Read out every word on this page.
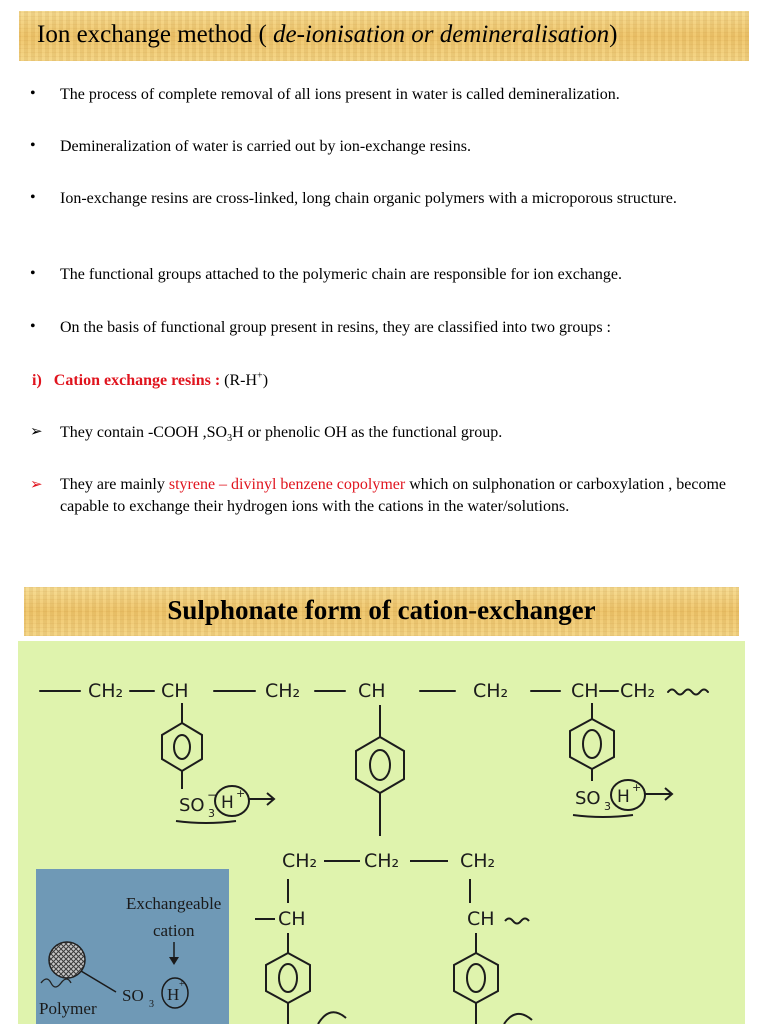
Ion exchange method ( de-ionisation or demineralisation)
• The process of complete removal of all ions present in water is called demineralization.
• Demineralization of water is carried out by ion-exchange resins.
• Ion-exchange resins are cross-linked, long chain organic polymers with a microporous structure.
• The functional groups attached to the polymeric chain are responsible for ion exchange.
• On the basis of functional group present in resins, they are classified into two groups :
i) Cation exchange resins : (R-H+)
➢ They contain -COOH $,SO_3H$ or phenolic OH as the functional group.
➢ They are mainly styrene – divinyl benzene copolymer which on sulphonation or carboxylation , become capable to exchange their hydrogen ions with the cations in the water/solutions.
Sulphonate form of cation-exchanger
CH₂ CH	CH₂	CH	CH₂	CH CH₂
SO 3
− H +	SO 3 H +
CH₂ CH₂	CH₂
CH	CH
Exchangeable
cation
SO 3
H
+
Polymer
